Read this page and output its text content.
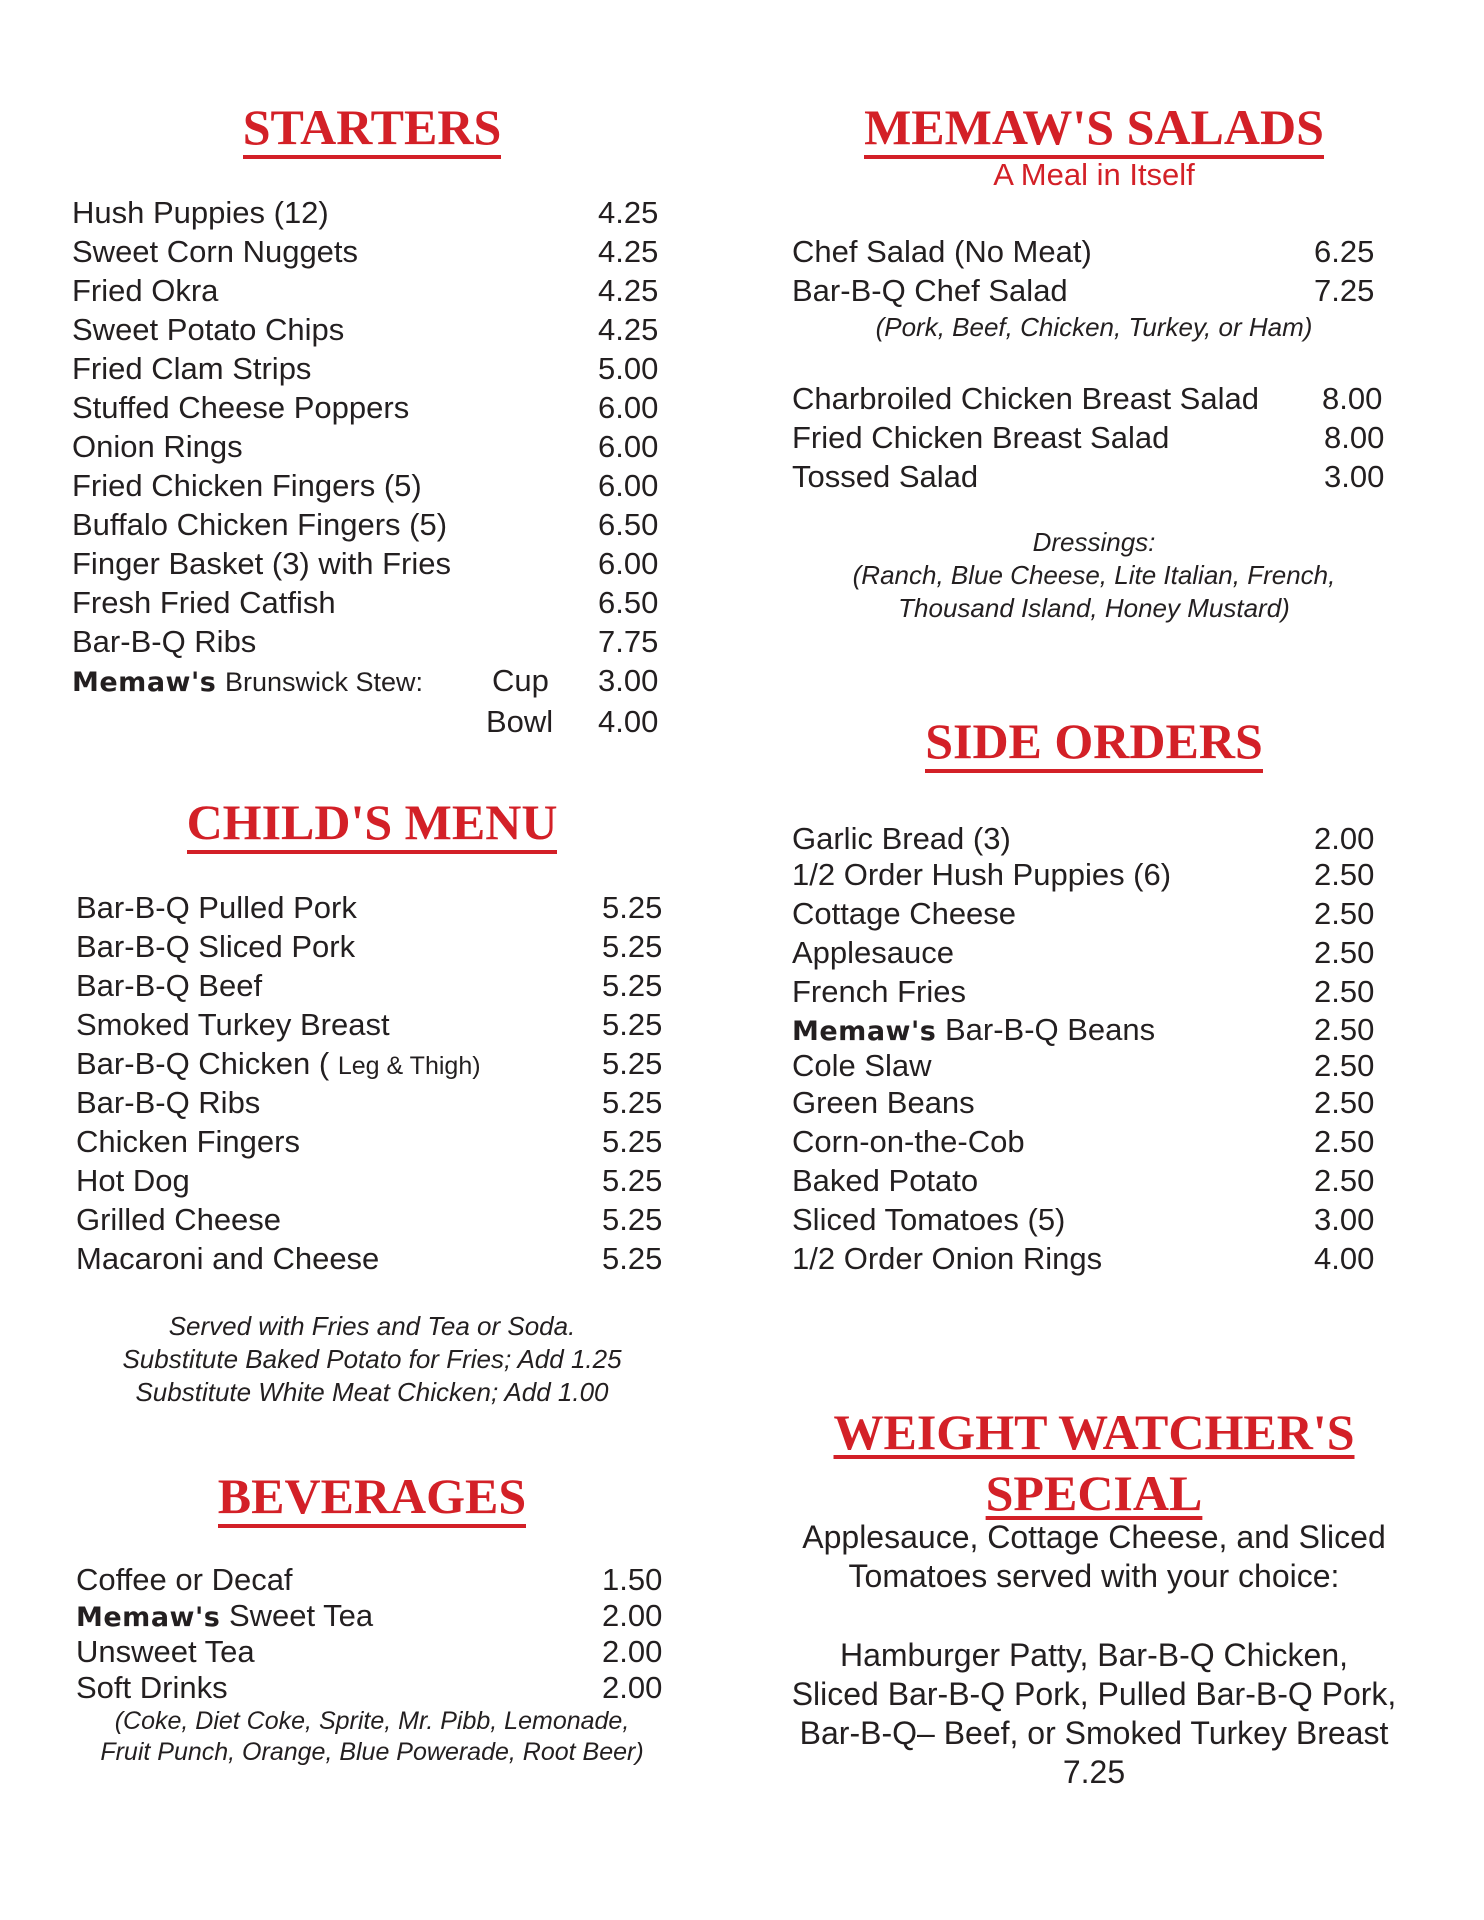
STARTERS
Hush Puppies (12)	4.25
Sweet Corn Nuggets	4.25
Fried Okra	4.25
Sweet Potato Chips	4.25
Fried Clam Strips	5.00
Stuffed Cheese Poppers	6.00
Onion Rings	6.00
Fried Chicken Fingers (5)	6.00
Buffalo Chicken Fingers (5)	6.50
Finger Basket (3) with Fries	6.00
Fresh Fried Catfish	6.50
Bar-B-Q Ribs	7.75
Memaw's Brunswick Stew: Cup 3.00
Bowl 4.00
CHILD'S MENU
Bar-B-Q Pulled Pork	5.25
Bar-B-Q Sliced Pork	5.25
Bar-B-Q Beef	5.25
Smoked Turkey Breast	5.25
Bar-B-Q Chicken ( Leg & Thigh)	5.25
Bar-B-Q Ribs	5.25
Chicken Fingers	5.25
Hot Dog	5.25
Grilled Cheese	5.25
Macaroni and Cheese	5.25
Served with Fries and Tea or Soda.
Substitute Baked Potato for Fries; Add 1.25
Substitute White Meat Chicken; Add 1.00
BEVERAGES
Coffee or Decaf	1.50
Memaw's Sweet Tea	2.00
Unsweet Tea	2.00
Soft Drinks	2.00
(Coke, Diet Coke, Sprite, Mr. Pibb, Lemonade,
Fruit Punch, Orange, Blue Powerade, Root Beer)
MEMAW'S SALADS
A Meal in Itself
Chef Salad (No Meat)	6.25
Bar-B-Q Chef Salad	7.25
(Pork, Beef, Chicken, Turkey, or Ham)
Charbroiled Chicken Breast Salad 8.00
Fried Chicken Breast Salad	8.00
Tossed Salad	3.00
Dressings:
(Ranch, Blue Cheese, Lite Italian, French,
Thousand Island, Honey Mustard)
SIDE ORDERS
Garlic Bread (3)	2.00
1/2 Order Hush Puppies (6)	2.50
Cottage Cheese	2.50
Applesauce	2.50
French Fries	2.50
Memaw's Bar-B-Q Beans	2.50
Cole Slaw	2.50
Green Beans	2.50
Corn-on-the-Cob	2.50
Baked Potato	2.50
Sliced Tomatoes (5)	3.00
1/2 Order Onion Rings	4.00
WEIGHT WATCHER'S
SPECIAL
Applesauce, Cottage Cheese, and Sliced
Tomatoes served with your choice:
Hamburger Patty, Bar-B-Q Chicken,
Sliced Bar-B-Q Pork, Pulled Bar-B-Q Pork,
Bar-B-Q– Beef, or Smoked Turkey Breast
7.25
